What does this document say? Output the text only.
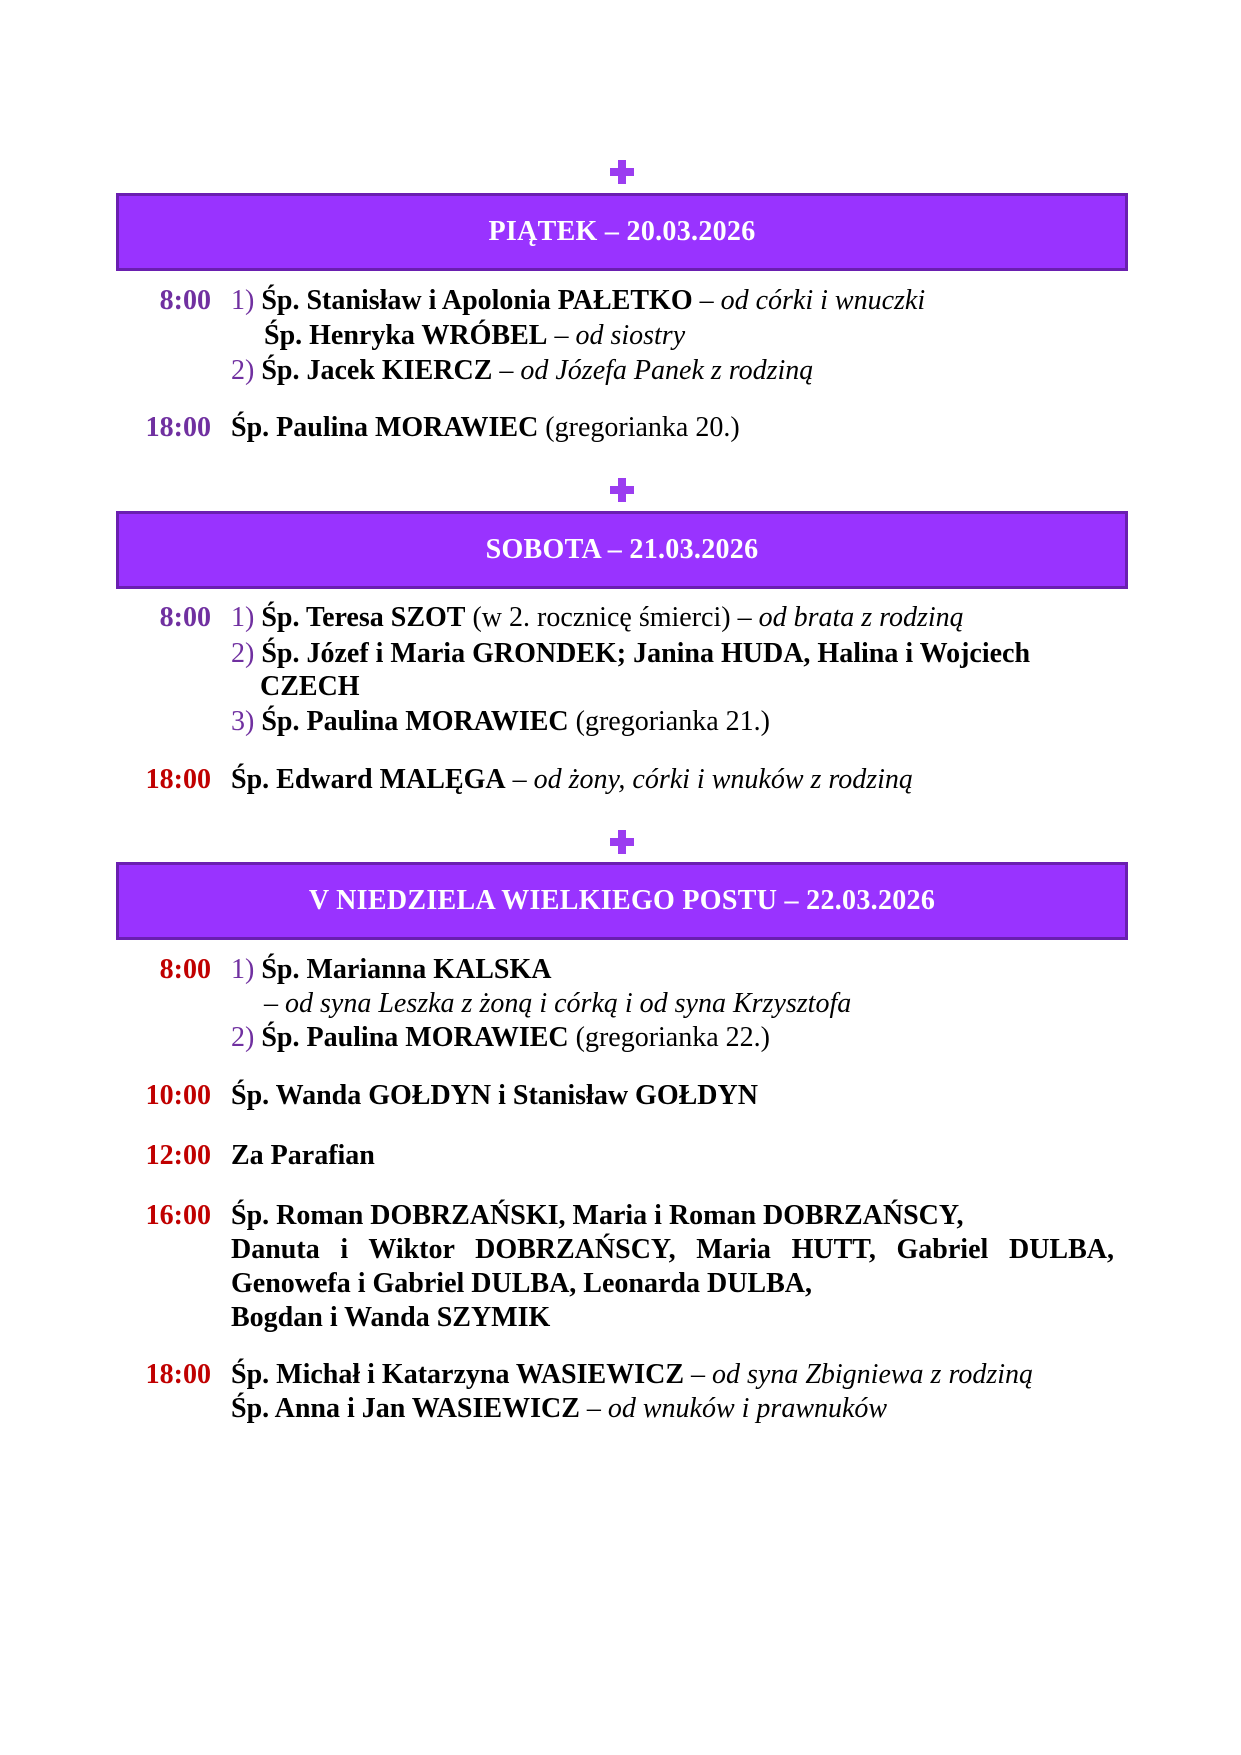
PIĄTEK – 20.03.2026
8:00 1) Śp. Stanisław i Apolonia PAŁETKO – od córki i wnuczki
Śp. Henryka WRÓBEL – od siostry
2) Śp. Jacek KIERCZ – od Józefa Panek z rodziną
18:00 Śp. Paulina MORAWIEC (gregorianka 20.)
SOBOTA – 21.03.2026
8:00 1) Śp. Teresa SZOT (w 2. rocznicę śmierci) – od brata z rodziną
2) Śp. Józef i Maria GRONDEK; Janina HUDA, Halina i Wojciech
CZECH
3) Śp. Paulina MORAWIEC (gregorianka 21.)
18:00 Śp. Edward MALĘGA – od żony, córki i wnuków z rodziną
V NIEDZIELA WIELKIEGO POSTU – 22.03.2026
8:00 1) Śp. Marianna KALSKA
– od syna Leszka z żoną i córką i od syna Krzysztofa
2) Śp. Paulina MORAWIEC (gregorianka 22.)
10:00 Śp. Wanda GOŁDYN i Stanisław GOŁDYN
12:00 Za Parafian
16:00 Śp. Roman DOBRZAŃSKI, Maria i Roman DOBRZAŃSCY,
Danuta i Wiktor DOBRZAŃSCY, Maria HUTT, Gabriel DULBA,
Genowefa i Gabriel DULBA, Leonarda DULBA,
Bogdan i Wanda SZYMIK
18:00 Śp. Michał i Katarzyna WASIEWICZ – od syna Zbigniewa z rodziną
Śp. Anna i Jan WASIEWICZ – od wnuków i prawnuków
